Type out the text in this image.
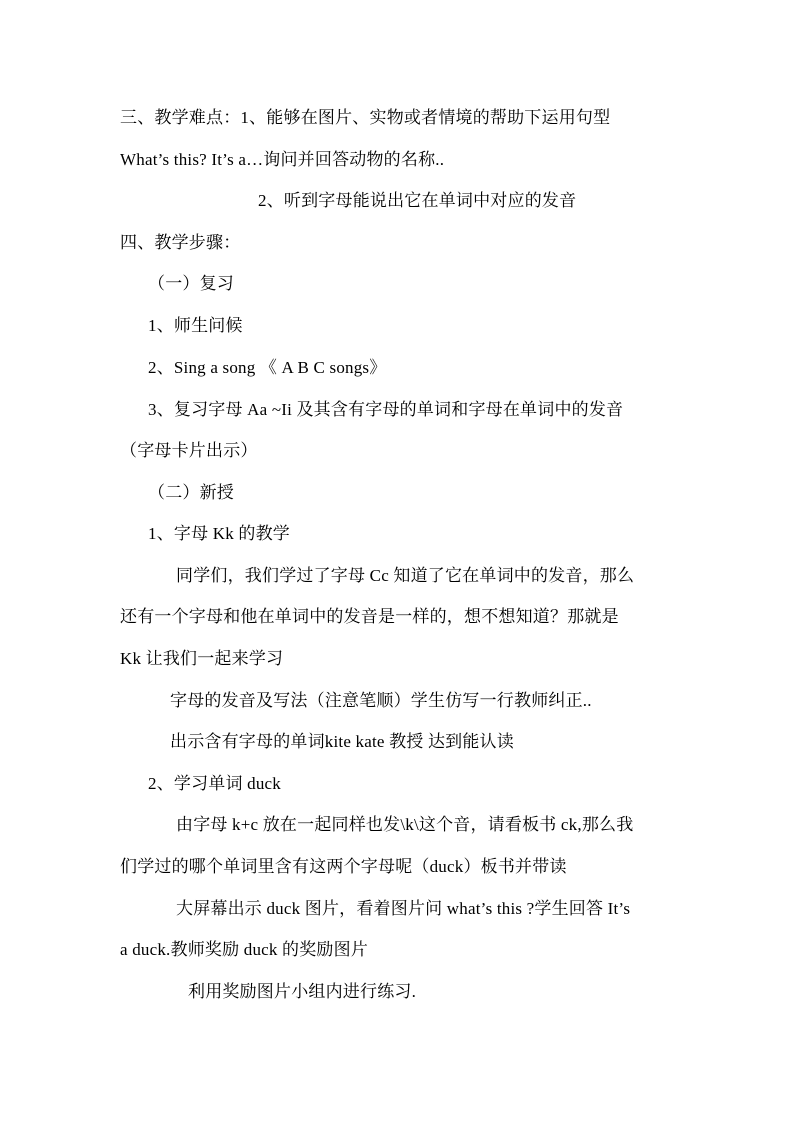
三、教学难点：1、能够在图片、实物或者情境的帮助下运用句型
What’s this? It’s a…询问并回答动物的名称..
2、听到字母能说出它在单词中对应的发音
四、教学步骤：
（一）复习
1、师生问候
2、Sing a song 《 A B C songs》
3、复习字母 Aa ~Ii 及其含有字母的单词和字母在单词中的发音
（字母卡片出示）
（二）新授
1、字母 Kk 的教学
同学们，我们学过了字母 Cc 知道了它在单词中的发音，那么
还有一个字母和他在单词中的发音是一样的，想不想知道？那就是
Kk 让我们一起来学习
字母的发音及写法（注意笔顺）学生仿写一行教师纠正..
出示含有字母的单词kite kate 教授 达到能认读
2、学习单词 duck
由字母 k+c 放在一起同样也发\k\这个音，请看板书 ck,那么我
们学过的哪个单词里含有这两个字母呢（duck）板书并带读
大屏幕出示 duck 图片，看着图片问 what’s this ?学生回答 It’s
a duck.教师奖励 duck 的奖励图片
利用奖励图片小组内进行练习.
